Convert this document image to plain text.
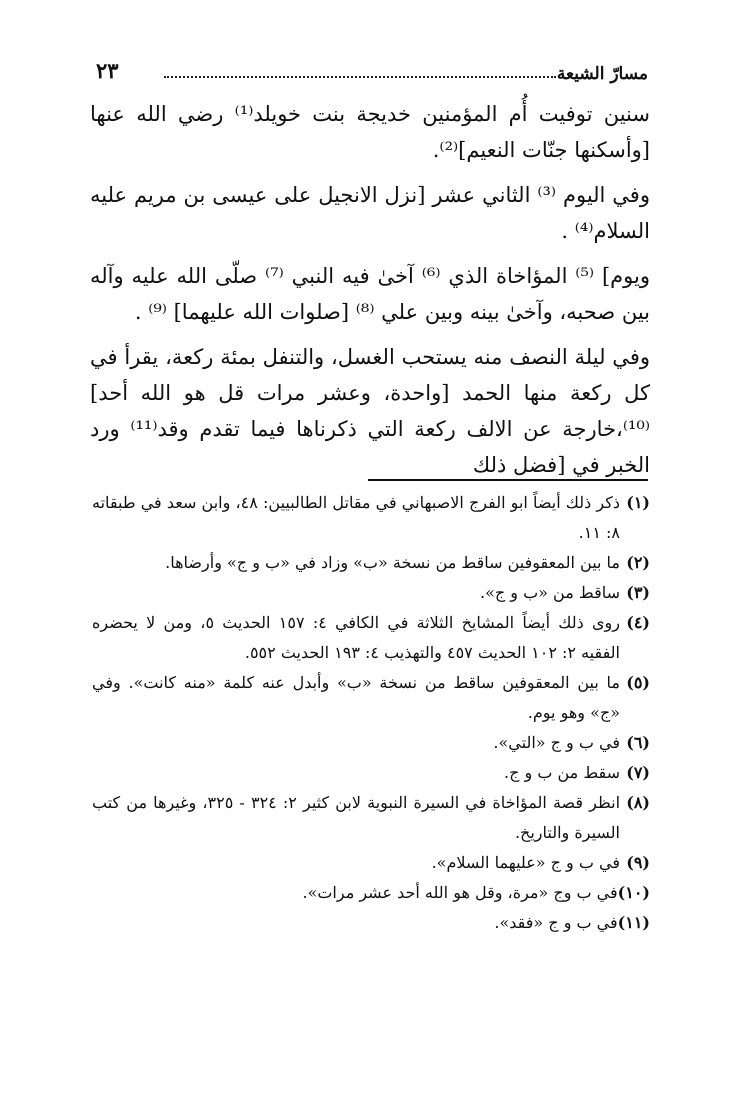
مسارّ الشيعة
٢٣

سنين توفيت أُم المؤمنين خديجة بنت خويلد⁽¹⁾ رضي الله عنها [وأسكنها جنّات النعيم]⁽²⁾.

وفي اليوم ⁽³⁾ الثاني عشر [نزل الانجيل على عيسى بن مريم عليه السلام⁽⁴⁾ .

ويوم] ⁽⁵⁾ المؤاخاة الذي ⁽⁶⁾ آخىٰ فيه النبي ⁽⁷⁾ صلّى الله عليه وآله بين صحبه، وآخىٰ بينه وبين علي ⁽⁸⁾ [صلوات الله عليهما] ⁽⁹⁾ .

وفي ليلة النصف منه يستحب الغسل، والتنفل بمئة ركعة، يقرأ في كل ركعة منها الحمد [واحدة، وعشر مرات قل هو الله أحد]⁽¹⁰⁾،خارجة عن الالف ركعة التي ذكرناها فيما تقدم وقد⁽¹¹⁾ ورد الخبر في [فضل ذلك

(١)
ذكر ذلك أيضاً ابو الفرج الاصبهاني في مقاتل الطالبيين: ٤٨، وابن سعد في طبقاته ٨: ١١.
(٢)
ما بين المعقوفين ساقط من نسخة «ب» وزاد في «ب و ج» وأرضاها.
(٣)
ساقط من «ب و ج».
(٤)
روى ذلك أيضاً المشايخ الثلاثة في الكافي ٤: ١٥٧ الحديث ٥، ومن لا يحضره الفقيه ٢: ١٠٢ الحديث ٤٥٧ والتهذيب ٤: ١٩٣ الحديث ٥٥٢.
(٥)
ما بين المعقوفين ساقط من نسخة «ب» وأبدل عنه كلمة «منه كانت». وفي «ج» وهو يوم.
(٦)
في ب و ج «التي».
(٧)
سقط من ب و ج.
(٨)
انظر قصة المؤاخاة في السيرة النبوية لابن كثير ٢: ٣٢٤ - ٣٢٥، وغيرها من كتب السيرة والتاريخ.
(٩)
في ب و ج «عليهما السلام».
(١٠)
في ب وج «مرة، وقل هو الله أحد عشر مرات».
(١١)
في ب و ج «فقد».
